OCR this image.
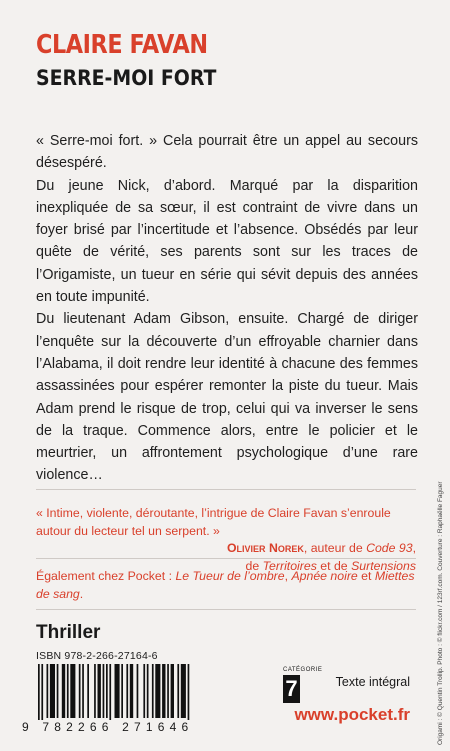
CLAIRE FAVAN
SERRE-MOI FORT

« Serre-moi fort. » Cela pourrait être un appel au secours désespéré.

Du jeune Nick, d’abord. Marqué par la disparition inexpliquée de sa sœur, il est contraint de vivre dans un foyer brisé par l’incertitude et l’absence. Obsédés par leur quête de vérité, ses parents sont sur les traces de l’Origamiste, un tueur en série qui sévit depuis des années en toute impunité.

Du lieutenant Adam Gibson, ensuite. Chargé de diriger l’enquête sur la découverte d’un effroyable charnier dans l’Alabama, il doit rendre leur identité à chacune des femmes assassinées pour espérer remonter la piste du tueur. Mais Adam prend le risque de trop, celui qui va inverser le sens de la traque. Commence alors, entre le policier et le meurtrier, un affrontement psychologique d’une rare violence…

« Intime, violente, déroutante, l’intrigue de Claire Favan s’enroule autour du lecteur tel un serpent. »

Olivier Norek, auteur de Code 93,
de Territoires et de Surtensions

Également chez Pocket : Le Tueur de l’ombre, Apnée noire et Miettes de sang.
Thriller
ISBN 978-2-266-27164-6
9 782266 271646
CATÉGORIE
7	Texte intégral
www.pocket.fr	Origami : © Quentin Trollip. Photo : © flickr.com / 123rf.com. Couverture : Raphaëlle Faguer
